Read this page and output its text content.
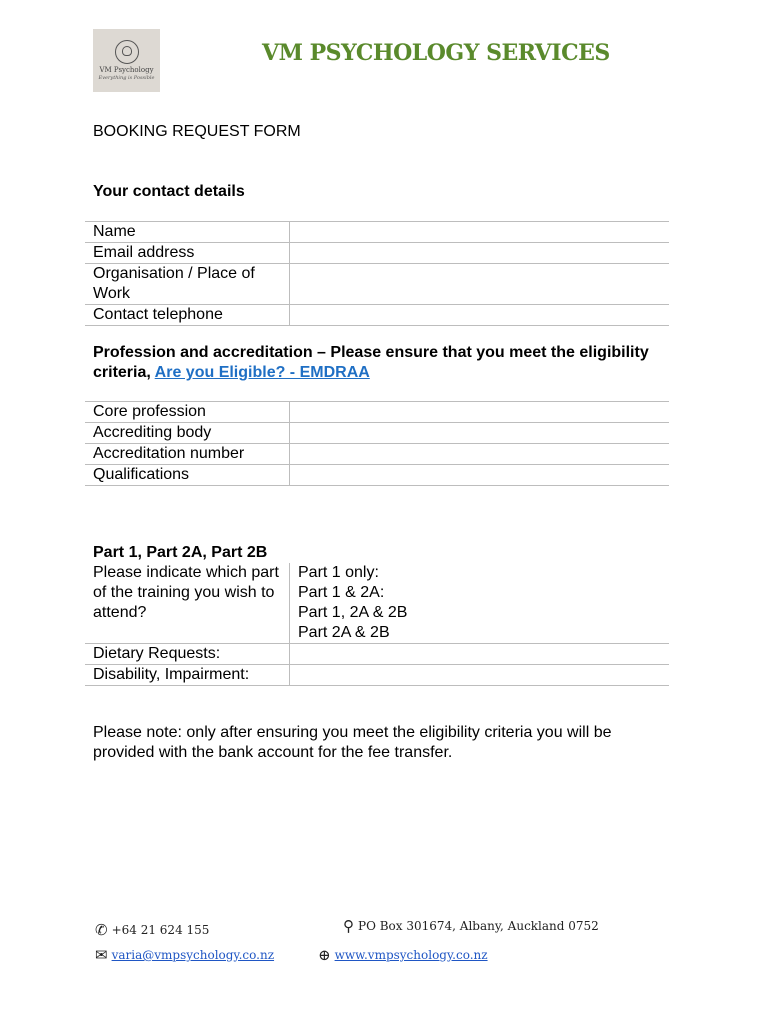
VM Psychology
Everything is Possible
VM PSYCHOLOGY SERVICES
BOOKING REQUEST FORM
Your contact details
Name	
Email address	
Organisation / Place of Work	
Contact telephone	
Profession and accreditation – Please ensure that you meet the eligibility criteria, Are you Eligible? - EMDRAA
Core profession	
Accrediting body	
Accreditation number	
Qualifications	
Part 1, Part 2A, Part 2B
Please indicate which part of the training you wish to attend?	Part 1 only:
Part 1 & 2A:
Part 1, 2A & 2B
Part 2A & 2B

Dietary Requests:	
Disability, Impairment:	
Please note: only after ensuring you meet the eligibility criteria you will be provided with the bank account for the fee transfer.
✆ +64 21 624 155	⚲ PO Box 301674, Albany, Auckland 0752
✉ varia@vmpsychology.co.nz	⊕ www.vmpsychology.co.nz
